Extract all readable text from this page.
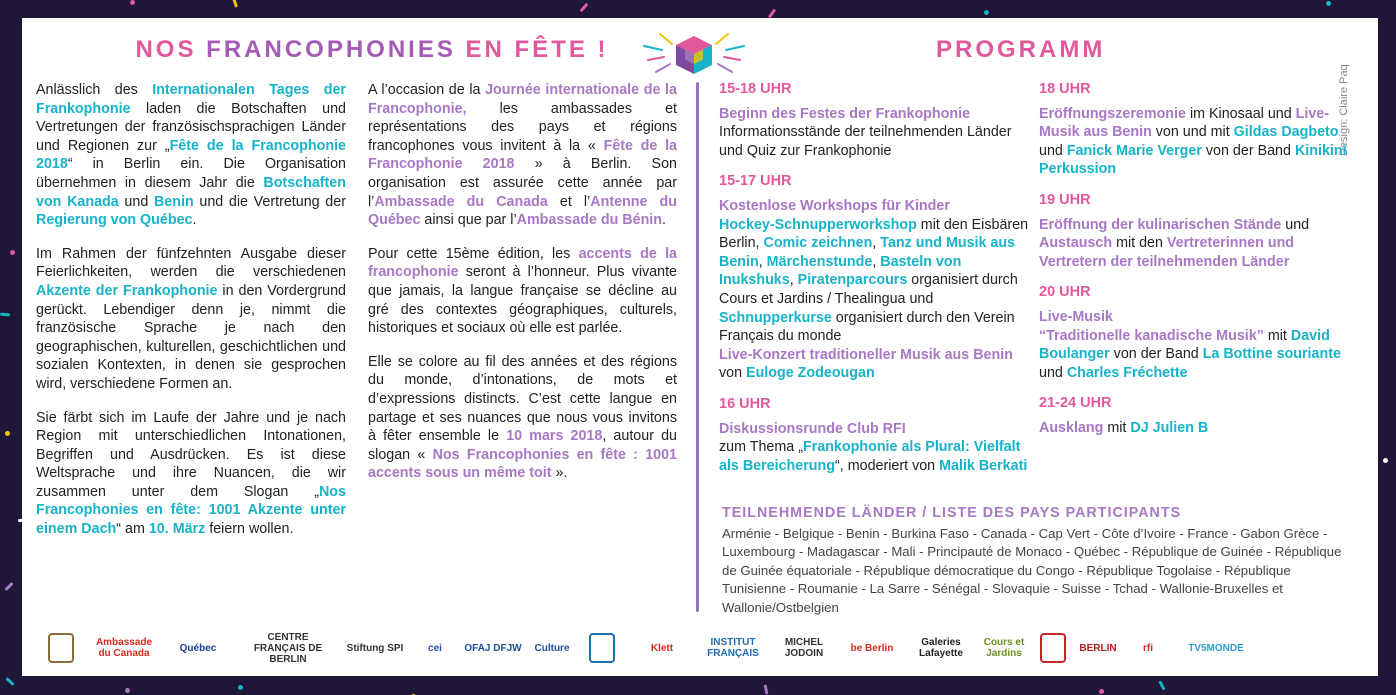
NOS FRANCOPHONIES EN FÊTE !	PROGRAMM
Design: Claire Paq

Anlässlich des Internationalen Tages der Frankophonie laden die Botschaften und Vertretungen der französischsprachigen Länder und Regionen zur „Fête de la Francophonie 2018“ in Berlin ein. Die Organisation übernehmen in diesem Jahr die Botschaften von Kanada und Benin und die Vertretung der Regierung von Québec.

Im Rahmen der fünfzehnten Ausgabe dieser Feierlichkeiten, werden die verschiedenen Akzente der Frankophonie in den Vordergrund gerückt. Lebendiger denn je, nimmt die französische Sprache je nach den geographischen, kulturellen, geschichtlichen und sozialen Kontexten, in denen sie gesprochen wird, verschiedene Formen an.

Sie färbt sich im Laufe der Jahre und je nach Region mit unterschiedlichen Intonationen, Begriffen und Ausdrücken. Es ist diese Weltsprache und ihre Nuancen, die wir zusammen unter dem Slogan „Nos Francophonies en fête: 1001 Akzente unter einem Dach“ am 10. März feiern wollen.

A l’occasion de la Journée internationale de la Francophonie, les ambassades et représentations des pays et régions francophones vous invitent à la « Fête de la Francophonie 2018 » à Berlin. Son organisation est assurée cette année par l’Ambassade du Canada et l’Antenne du Québec ainsi que par l’Ambassade du Bénin.

Pour cette 15ème édition, les accents de la francophonie seront à l’honneur. Plus vivante que jamais, la langue française se décline au gré des contextes géographiques, culturels, historiques et sociaux où elle est parlée.

Elle se colore au fil des années et des régions du monde, d’intonations, de mots et d’expressions distincts. C’est cette langue en partage et ses nuances que nous vous invitons à fêter ensemble le 10 mars 2018, autour du slogan « Nos Francophonies en fête : 1001 accents sous un même toit ».

15-18 UHR
Beginn des Festes der Frankophonie
Informationsstände der teilnehmenden Länder und Quiz zur Frankophonie
15-17 UHR
Kostenlose Workshops für Kinder
Hockey-Schnupperworkshop mit den Eisbären Berlin, Comic zeichnen, Tanz und Musik aus Benin, Märchenstunde, Basteln von Inukshuks, Piratenparcours organisiert durch Cours et Jardins / Thealingua und Schnupperkurse organisiert durch den Verein Français du monde
Live-Konzert traditioneller Musik aus Benin von Euloge Zodeougan
16 UHR
Diskussionsrunde Club RFI
zum Thema „Frankophonie als Plural: Vielfalt als Bereicherung“, moderiert von Malik Berkati
18 UHR
Eröffnungszeremonie im Kinosaal und Live-Musik aus Benin von und mit Gildas Dagbeto und Fanick Marie Verger von der Band Kinikini Perkussion
19 UHR
Eröffnung der kulinarischen Stände und Austausch mit den Vertreterinnen und Vertretern der teilnehmenden Länder
20 UHR
Live-Musik
“Traditionelle kanadische Musik” mit David Boulanger von der Band La Bottine souriante und Charles Fréchette
21-24 UHR
Ausklang mit DJ Julien B
TEILNEHMENDE LÄNDER / LISTE DES PAYS PARTICIPANTS
Arménie - Belgique - Benin - Burkina Faso - Canada - Cap Vert - Côte d’Ivoire - France - Gabon Grèce - Luxembourg - Madagascar - Mali - Principauté de Monaco - Québec - République de Guinée - République de Guinée équatoriale - République démocratique du Congo - République Togolaise - République Tunisienne - Roumanie - La Sarre - Sénégal - Slovaquie - Suisse - Tchad - Wallonie-Bruxelles et Wallonie/Ostbelgien
Ambassade du Canada	Québec
CENTRE FRANÇAIS DE BERLIN
Stiftung SPI	cei	OFAJ DFJW Culture	Klett	INSTITUT FRANÇAIS
MICHEL JODOIN	be Berlin	Galeries Lafayette
Cours et Jardins	BERLIN	rfi	TV5MONDE
